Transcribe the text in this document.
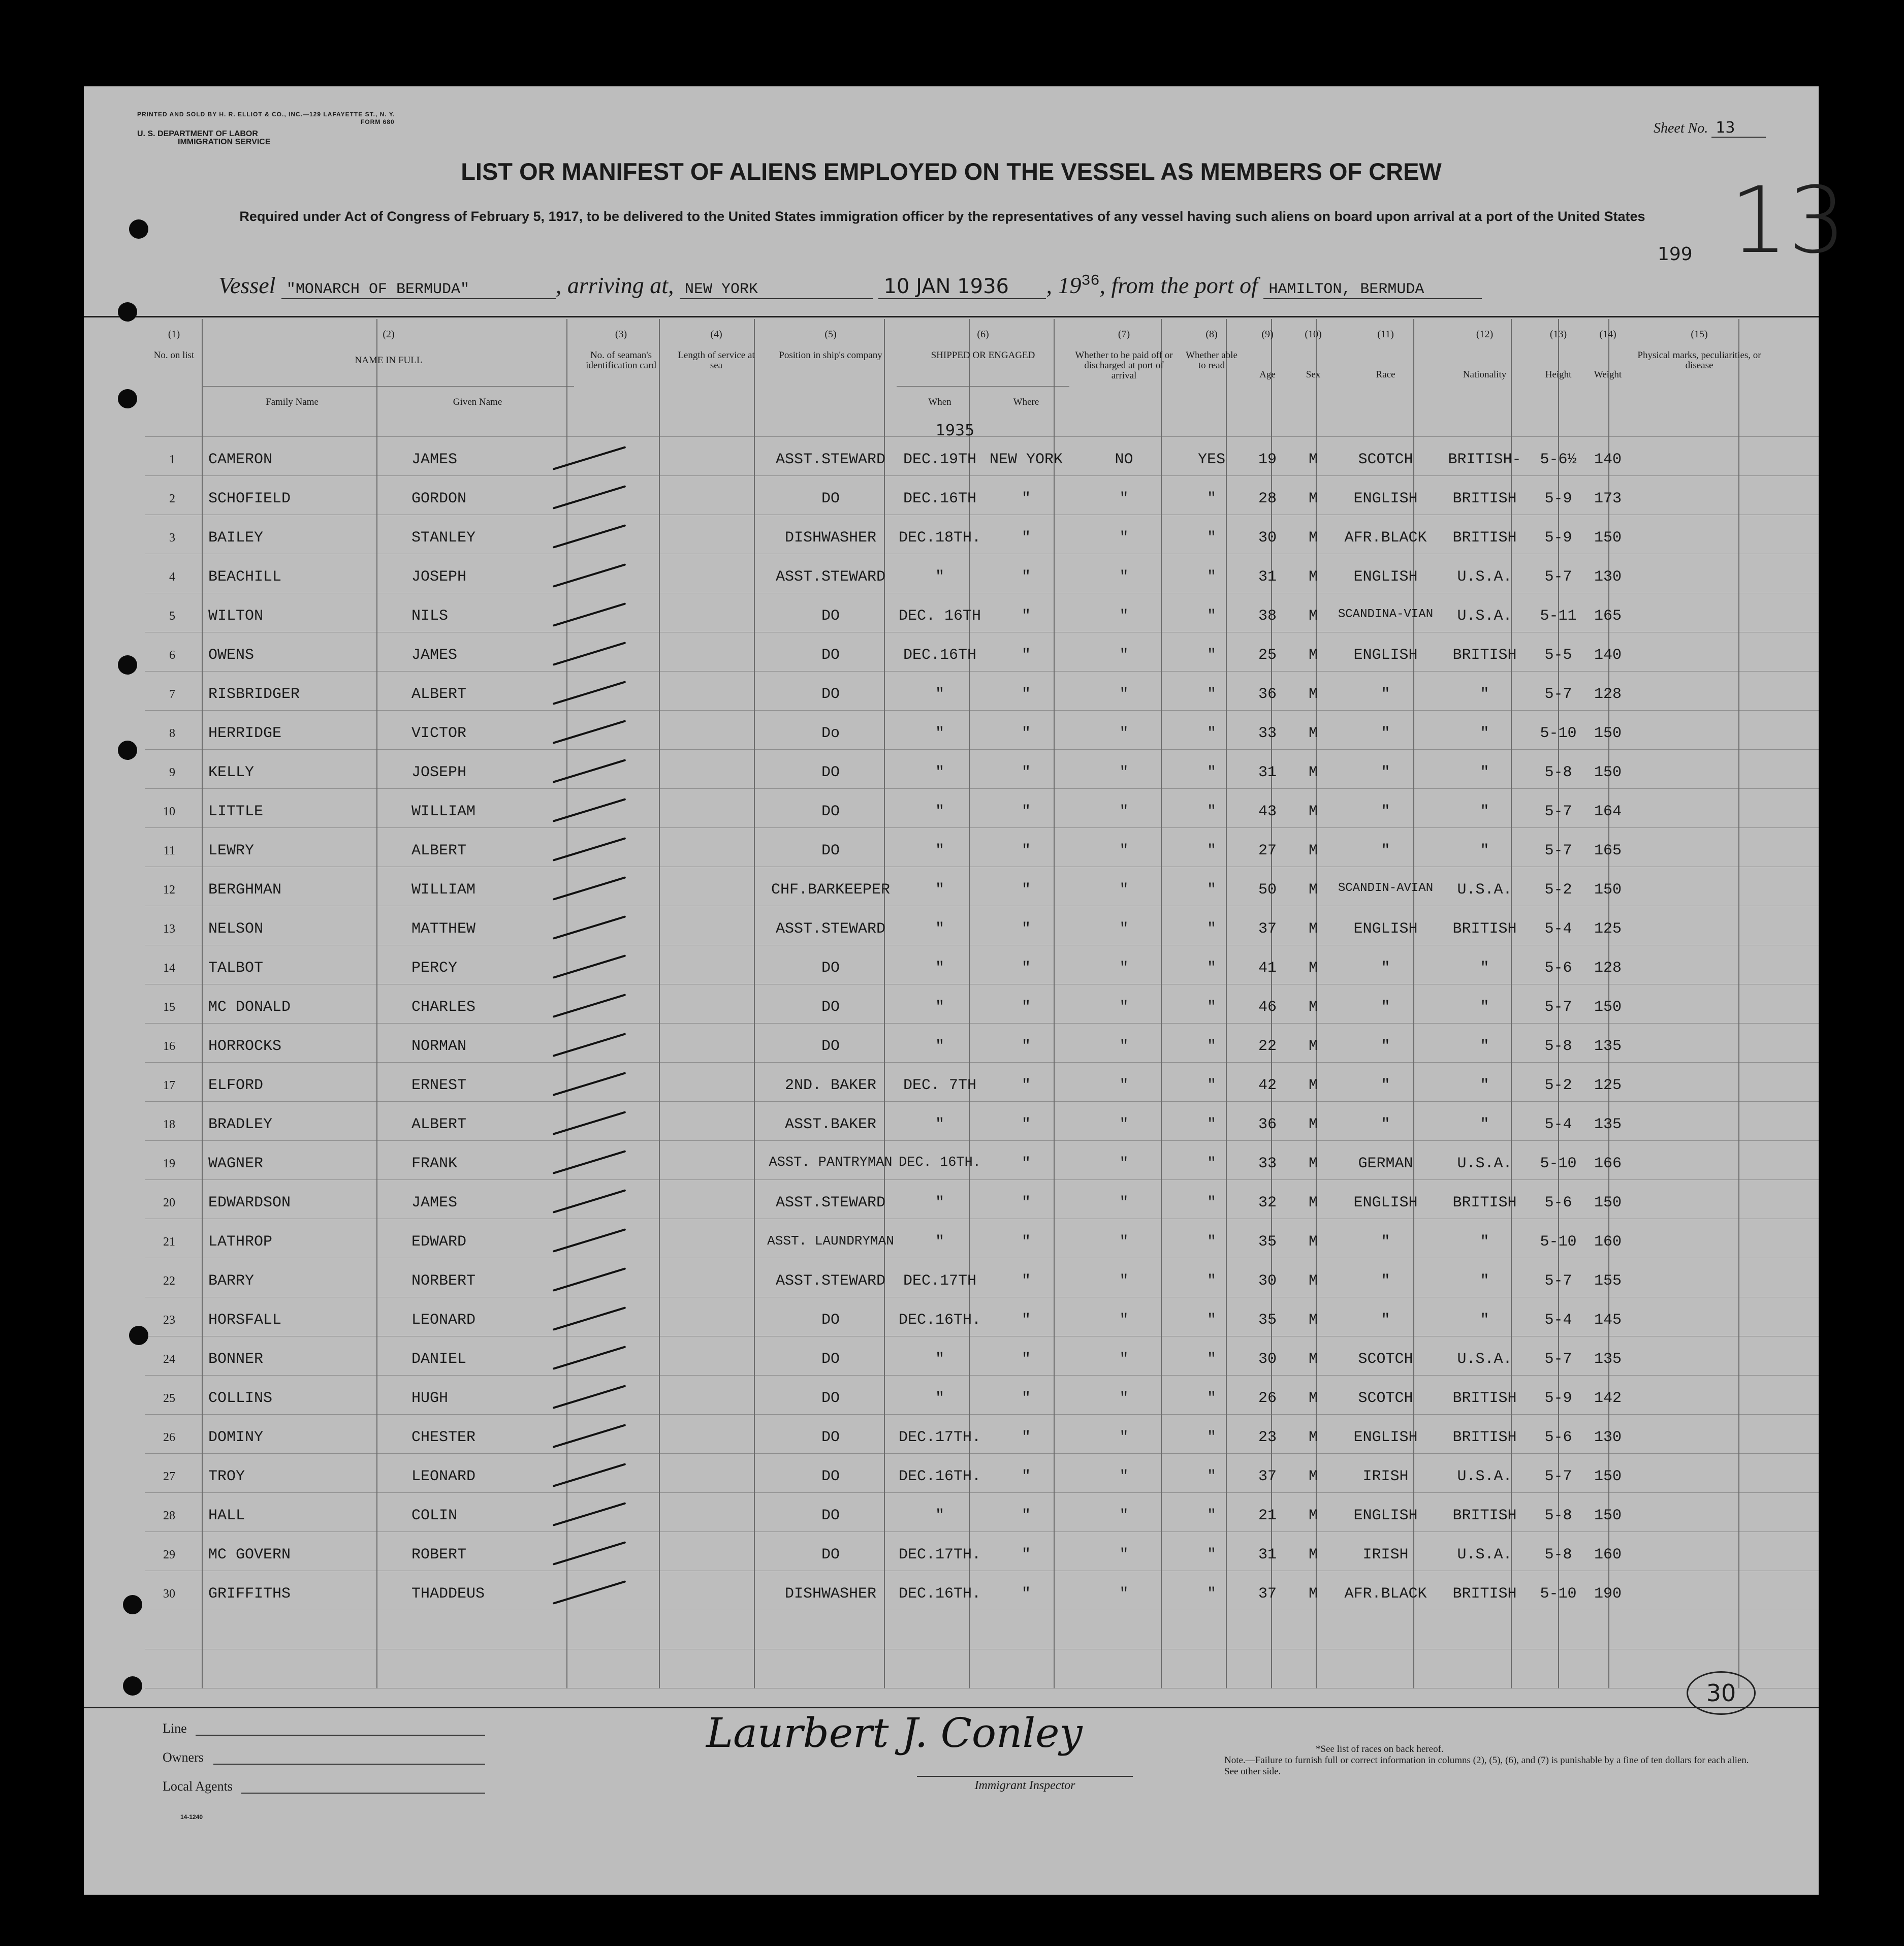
PRINTED AND SOLD BY H. R. ELLIOT & CO., INC.—129 LAFAYETTE ST., N. Y.
FORM 680
U. S. DEPARTMENT OF LABOR
IMMIGRATION SERVICE
Sheet No. 13
13
LIST OR MANIFEST OF ALIENS EMPLOYED ON THE VESSEL AS MEMBERS OF CREW
Required under Act of Congress of February 5, 1917, to be delivered to the United States immigration officer by the representatives of any vessel having such aliens on board upon arrival at a port of the United States
199
Vessel "MONARCH OF BERMUDA"	, arriving at, NEW YORK	10 JAN 1936 , $19^{36}$, from the port of HAMILTON, BERMUDA

(1)
No. on list
(2)
NAME IN FULL
(3)
No. of seaman's identification card
(4)
Length of service at sea
(5)
Position in ship's company
(6)
SHIPPED OR ENGAGED
(7)
Whether to be paid off or discharged at port of arrival
(8)
Whether able to read
(9)
Age
(10)
Sex
(11)
Race
(12)
Nationality
(13)
Height
(14)
Weight
(15)
Physical marks, peculiarities, or disease
Family Name	Given Name	When	Where
1935
1 CAMERON	JAMES	ASST.STEWARD	DEC.19TH NEW YORK	NO	YES	19	M	SCOTCH	BRITISH-	5-6½	140
2 SCHOFIELD	GORDON	DO	DEC.16TH	"	"	"	28	M	ENGLISH	BRITISH	5-9	173
3 BAILEY	STANLEY	DISHWASHER	DEC.18TH.	"	"	"	30	M	AFR.BLACK	BRITISH	5-9	150
4 BEACHILL	JOSEPH	ASST.STEWARD	"	"	"	"	31	M	ENGLISH	U.S.A.	5-7	130
5 WILTON	NILS	DO	DEC. 16TH	"	"	"	38	M	SCANDINA-VIAN	U.S.A.	5-11	165
6 OWENS	JAMES	DO	DEC.16TH	"	"	"	25	M	ENGLISH	BRITISH	5-5	140
7 RISBRIDGER	ALBERT	DO	"	"	"	"	36	M	"	"	5-7	128
8 HERRIDGE	VICTOR	Do	"	"	"	"	33	M	"	"	5-10	150
9 KELLY	JOSEPH	DO	"	"	"	"	31	M	"	"	5-8	150
10 LITTLE	WILLIAM	DO	"	"	"	"	43	M	"	"	5-7	164
11 LEWRY	ALBERT	DO	"	"	"	"	27	M	"	"	5-7	165
12 BERGHMAN	WILLIAM	CHF.BARKEEPER	"	"	"	"	50	M	SCANDIN-AVIAN	U.S.A.	5-2	150
13 NELSON	MATTHEW	ASST.STEWARD	"	"	"	"	37	M	ENGLISH	BRITISH	5-4	125
14 TALBOT	PERCY	DO	"	"	"	"	41	M	"	"	5-6	128
15 MC DONALD	CHARLES	DO	"	"	"	"	46	M	"	"	5-7	150
16 HORROCKS	NORMAN	DO	"	"	"	"	22	M	"	"	5-8	135
17 ELFORD	ERNEST	2ND. BAKER	DEC. 7TH	"	"	"	42	M	"	"	5-2	125
18 BRADLEY	ALBERT	ASST.BAKER	"	"	"	"	36	M	"	"	5-4	135
19 WAGNER	FRANK	ASST. PANTRYMAN DEC. 16TH.	"	"	"	33	M	GERMAN	U.S.A.	5-10	166
20 EDWARDSON	JAMES	ASST.STEWARD	"	"	"	"	32	M	ENGLISH	BRITISH	5-6	150
21 LATHROP	EDWARD	ASST. LAUNDRYMAN	"	"	"	"	35	M	"	"	5-10	160
22 BARRY	NORBERT	ASST.STEWARD	DEC.17TH	"	"	"	30	M	"	"	5-7	155
23 HORSFALL	LEONARD	DO	DEC.16TH.	"	"	"	35	M	"	"	5-4	145
24 BONNER	DANIEL	DO	"	"	"	"	30	M	SCOTCH	U.S.A.	5-7	135
25 COLLINS	HUGH	DO	"	"	"	"	26	M	SCOTCH	BRITISH	5-9	142
26 DOMINY	CHESTER	DO	DEC.17TH.	"	"	"	23	M	ENGLISH	BRITISH	5-6	130
27 TROY	LEONARD	DO	DEC.16TH.	"	"	"	37	M	IRISH	U.S.A.	5-7	150
28 HALL	COLIN	DO	"	"	"	"	21	M	ENGLISH	BRITISH	5-8	150
29 MC GOVERN	ROBERT	DO	DEC.17TH.	"	"	"	31	M	IRISH	U.S.A.	5-8	160
30 GRIFFITHS	THADDEUS	DISHWASHER	DEC.16TH.	"	"	"	37	M	AFR.BLACK	BRITISH	5-10	190
Line
Owners
Local Agents
14-1240
Laurbert J. Conley
Immigrant Inspector
30
*See list of races on back hereof.
Note.—Failure to furnish full or correct information in columns (2), (5), (6), and (7) is punishable by a fine of ten dollars for each alien. See other side.
